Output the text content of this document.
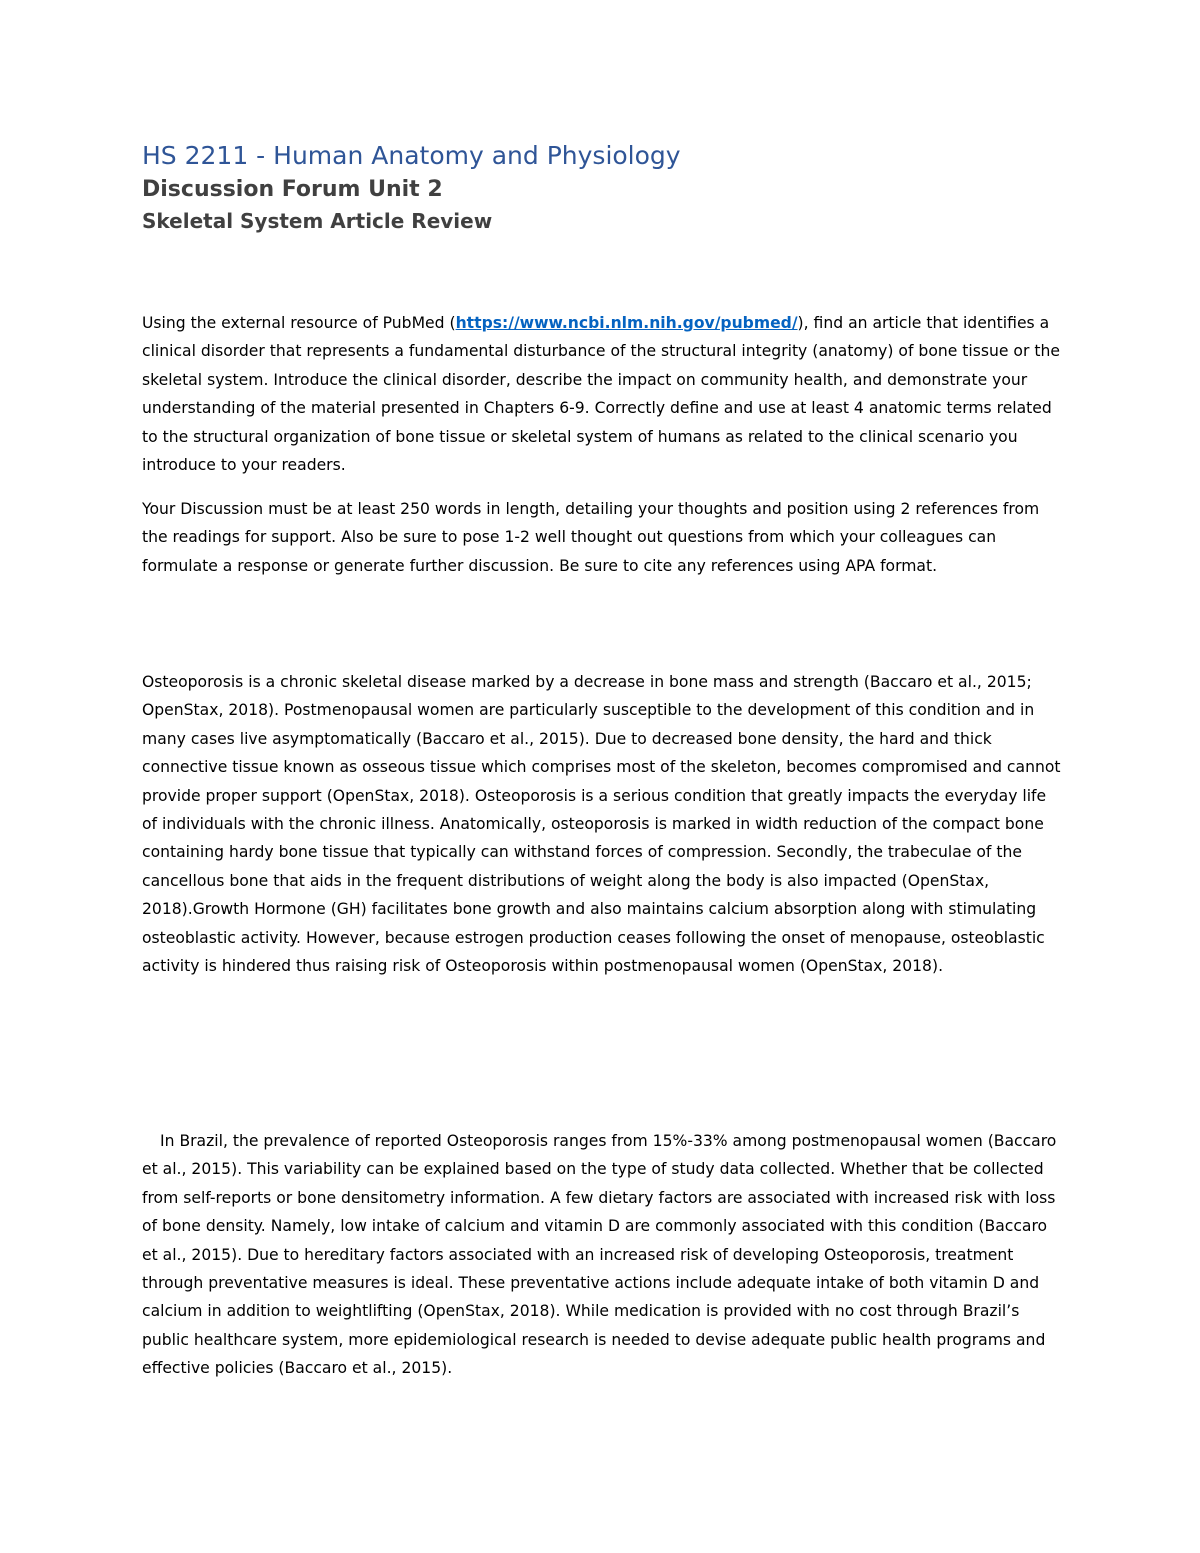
HS 2211 - Human Anatomy and Physiology
Discussion Forum Unit 2
Skeletal System Article Review

Using the external resource of PubMed (https://www.ncbi.nlm.nih.gov/pubmed/), find an article that identifies a clinical disorder that represents a fundamental disturbance of the structural integrity (anatomy) of bone tissue or the skeletal system. Introduce the clinical disorder, describe the impact on community health, and demonstrate your understanding of the material presented in Chapters 6-9. Correctly define and use at least 4 anatomic terms related to the structural organization of bone tissue or skeletal system of humans as related to the clinical scenario you introduce to your readers.

Your Discussion must be at least 250 words in length, detailing your thoughts and position using 2 references from the readings for support. Also be sure to pose 1-2 well thought out questions from which your colleagues can formulate a response or generate further discussion. Be sure to cite any references using APA format.

Osteoporosis is a chronic skeletal disease marked by a decrease in bone mass and strength (Baccaro et al., 2015; OpenStax, 2018). Postmenopausal women are particularly susceptible to the development of this condition and in many cases live asymptomatically (Baccaro et al., 2015). Due to decreased bone density, the hard and thick connective tissue known as osseous tissue which comprises most of the skeleton, becomes compromised and cannot provide proper support (OpenStax, 2018). Osteoporosis is a serious condition that greatly impacts the everyday life of individuals with the chronic illness. Anatomically, osteoporosis is marked in width reduction of the compact bone containing hardy bone tissue that typically can withstand forces of compression. Secondly, the trabeculae of the cancellous bone that aids in the frequent distributions of weight along the body is also impacted (OpenStax, 2018).Growth Hormone (GH) facilitates bone growth and also maintains calcium absorption along with stimulating osteoblastic activity. However, because estrogen production ceases following the onset of menopause, osteoblastic activity is hindered thus raising risk of Osteoporosis within postmenopausal women (OpenStax, 2018).

In Brazil, the prevalence of reported Osteoporosis ranges from 15%-33% among postmenopausal women (Baccaro et al., 2015). This variability can be explained based on the type of study data collected. Whether that be collected from self-reports or bone densitometry information. A few dietary factors are associated with increased risk with loss of bone density. Namely, low intake of calcium and vitamin D are commonly associated with this condition (Baccaro et al., 2015). Due to hereditary factors associated with an increased risk of developing Osteoporosis, treatment through preventative measures is ideal. These preventative actions include adequate intake of both vitamin D and calcium in addition to weightlifting (OpenStax, 2018). While medication is provided with no cost through Brazil’s public healthcare system, more epidemiological research is needed to devise adequate public health programs and effective policies (Baccaro et al., 2015).
